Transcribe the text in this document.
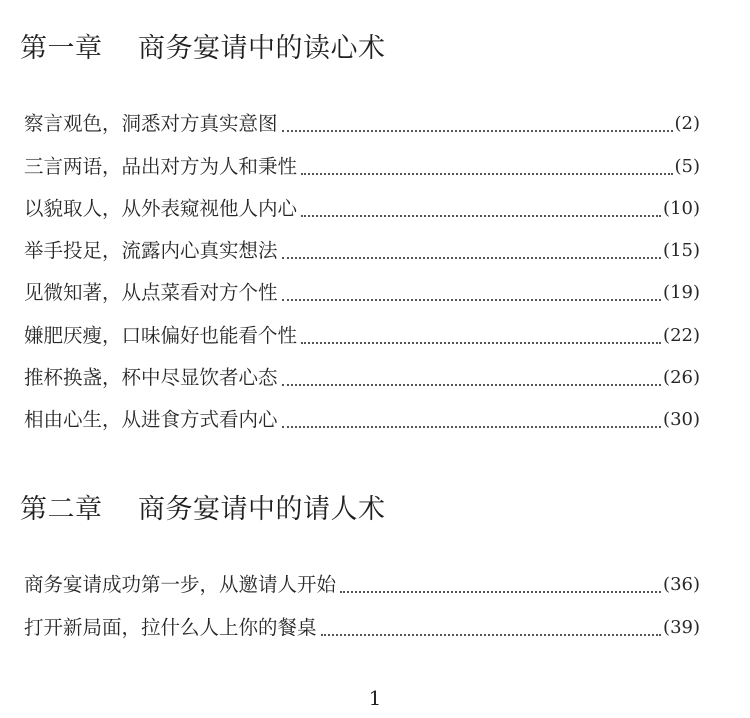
第一章 商务宴请中的读心术
察言观色，洞悉对方真实意图	(2)
三言两语，品出对方为人和秉性	(5)
以貌取人，从外表窥视他人内心	(10)
举手投足，流露内心真实想法	(15)
见微知著，从点菜看对方个性	(19)
嫌肥厌瘦，口味偏好也能看个性	(22)
推杯换盏，杯中尽显饮者心态	(26)
相由心生，从进食方式看内心	(30)
第二章 商务宴请中的请人术
商务宴请成功第一步，从邀请人开始	(36)
打开新局面，拉什么人上你的餐桌	(39)
1
